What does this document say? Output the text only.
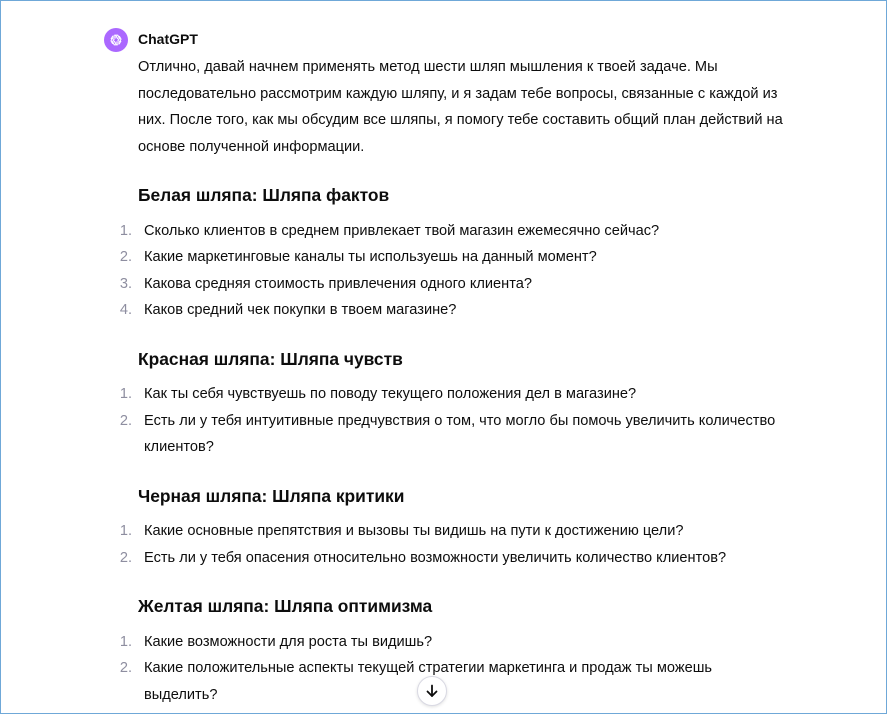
ChatGPT

Отлично, давай начнем применять метод шести шляп мышления к твоей задаче. Мы последовательно рассмотрим каждую шляпу, и я задам тебе вопросы, связанные с каждой из них. После того, как мы обсудим все шляпы, я помогу тебе составить общий план действий на основе полученной информации.

Белая шляпа: Шляпа фактов
1. Сколько клиентов в среднем привлекает твой магазин ежемесячно сейчас?
2. Какие маркетинговые каналы ты используешь на данный момент?
3. Какова средняя стоимость привлечения одного клиента?
4. Каков средний чек покупки в твоем магазине?
Красная шляпа: Шляпа чувств
1. Как ты себя чувствуешь по поводу текущего положения дел в магазине?
2. Есть ли у тебя интуитивные предчувствия о том, что могло бы помочь увеличить количество клиентов?
Черная шляпа: Шляпа критики
1. Какие основные препятствия и вызовы ты видишь на пути к достижению цели?
2. Есть ли у тебя опасения относительно возможности увеличить количество клиентов?
Желтая шляпа: Шляпа оптимизма
1. Какие возможности для роста ты видишь?
2. Какие положительные аспекты текущей стратегии маркетинга и продаж ты можешь выделить?
